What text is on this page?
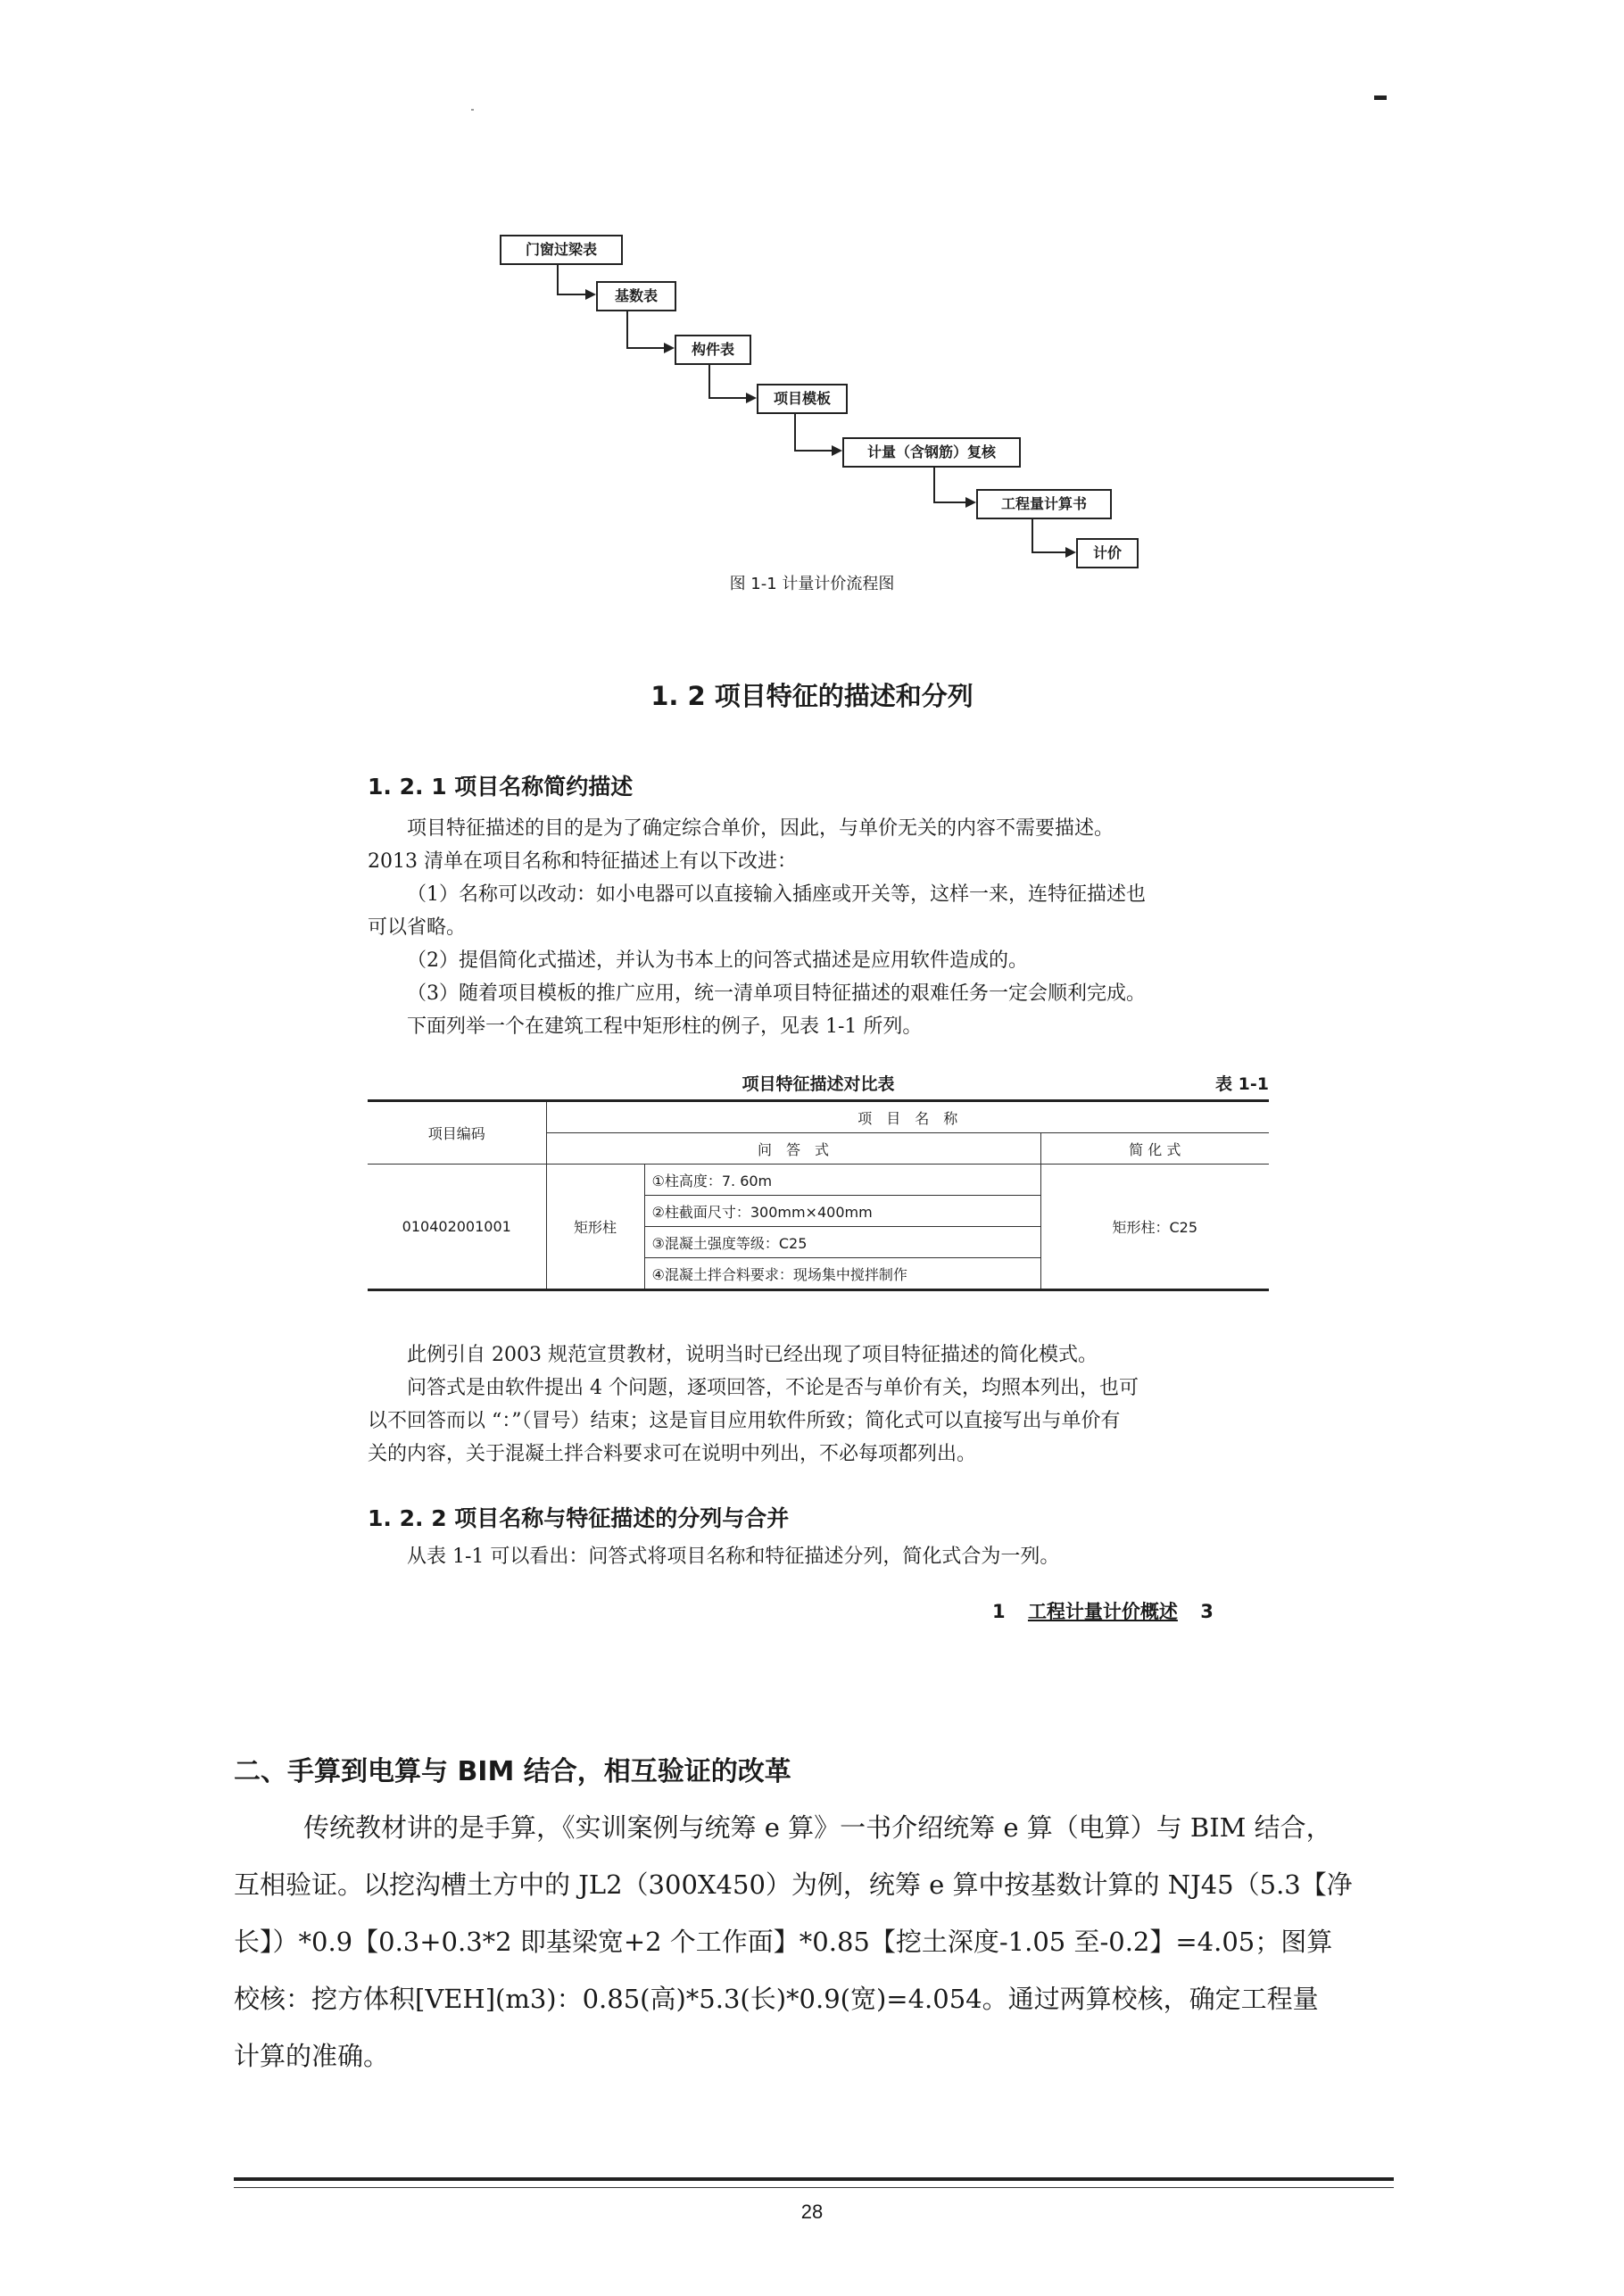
门窗过梁表
基数表
构件表
项目模板
计量（含钢筋）复核
工程量计算书
计价
图 1-1 计量计价流程图
1. 2 项目特征的描述和分列
1. 2. 1 项目名称简约描述
项目特征描述的目的是为了确定综合单价，因此，与单价无关的内容不需要描述。
2013 清单在项目名称和特征描述上有以下改进：
（1）名称可以改动：如小电器可以直接输入插座或开关等，这样一来，连特征描述也
可以省略。
（2）提倡简化式描述，并认为书本上的问答式描述是应用软件造成的。
（3）随着项目模板的推广应用，统一清单项目特征描述的艰难任务一定会顺利完成。
下面列举一个在建筑工程中矩形柱的例子，见表 1-1 所列。
项目特征描述对比表	表 1-1
项目编码	项　目　名　称		
	问　答　式		简 化 式
010402001001	矩形柱	①柱高度：7. 60m	矩形柱：C25
		②柱截面尺寸：300mm×400mm	
		③混凝土强度等级：C25	
		④混凝土拌合料要求：现场集中搅拌制作	
此例引自 2003 规范宣贯教材，说明当时已经出现了项目特征描述的简化模式。
问答式是由软件提出 4 个问题，逐项回答，不论是否与单价有关，均照本列出，也可
以不回答而以 “：”（冒号）结束；这是盲目应用软件所致；简化式可以直接写出与单价有
关的内容，关于混凝土拌合料要求可在说明中列出，不必每项都列出。
1. 2. 2 项目名称与特征描述的分列与合并
从表 1-1 可以看出：问答式将项目名称和特征描述分列，简化式合为一列。
1 工程计量计价概述 3
二、手算到电算与 BIM 结合，相互验证的改革
传统教材讲的是手算，《实训案例与统筹 e 算》一书介绍统筹 e 算（电算）与 BIM 结合，
互相验证。以挖沟槽土方中的 JL2（300X450）为例，统筹 e 算中按基数计算的 NJ45（5.3【净
长】）*0.9【0.3+0.3*2 即基梁宽+2 个工作面】*0.85【挖土深度-1.05 至-0.2】=4.05；图算
校核：挖方体积[VEH](m3)：0.85(高)*5.3(长)*0.9(宽)=4.054。通过两算校核，确定工程量
计算的准确。
28
